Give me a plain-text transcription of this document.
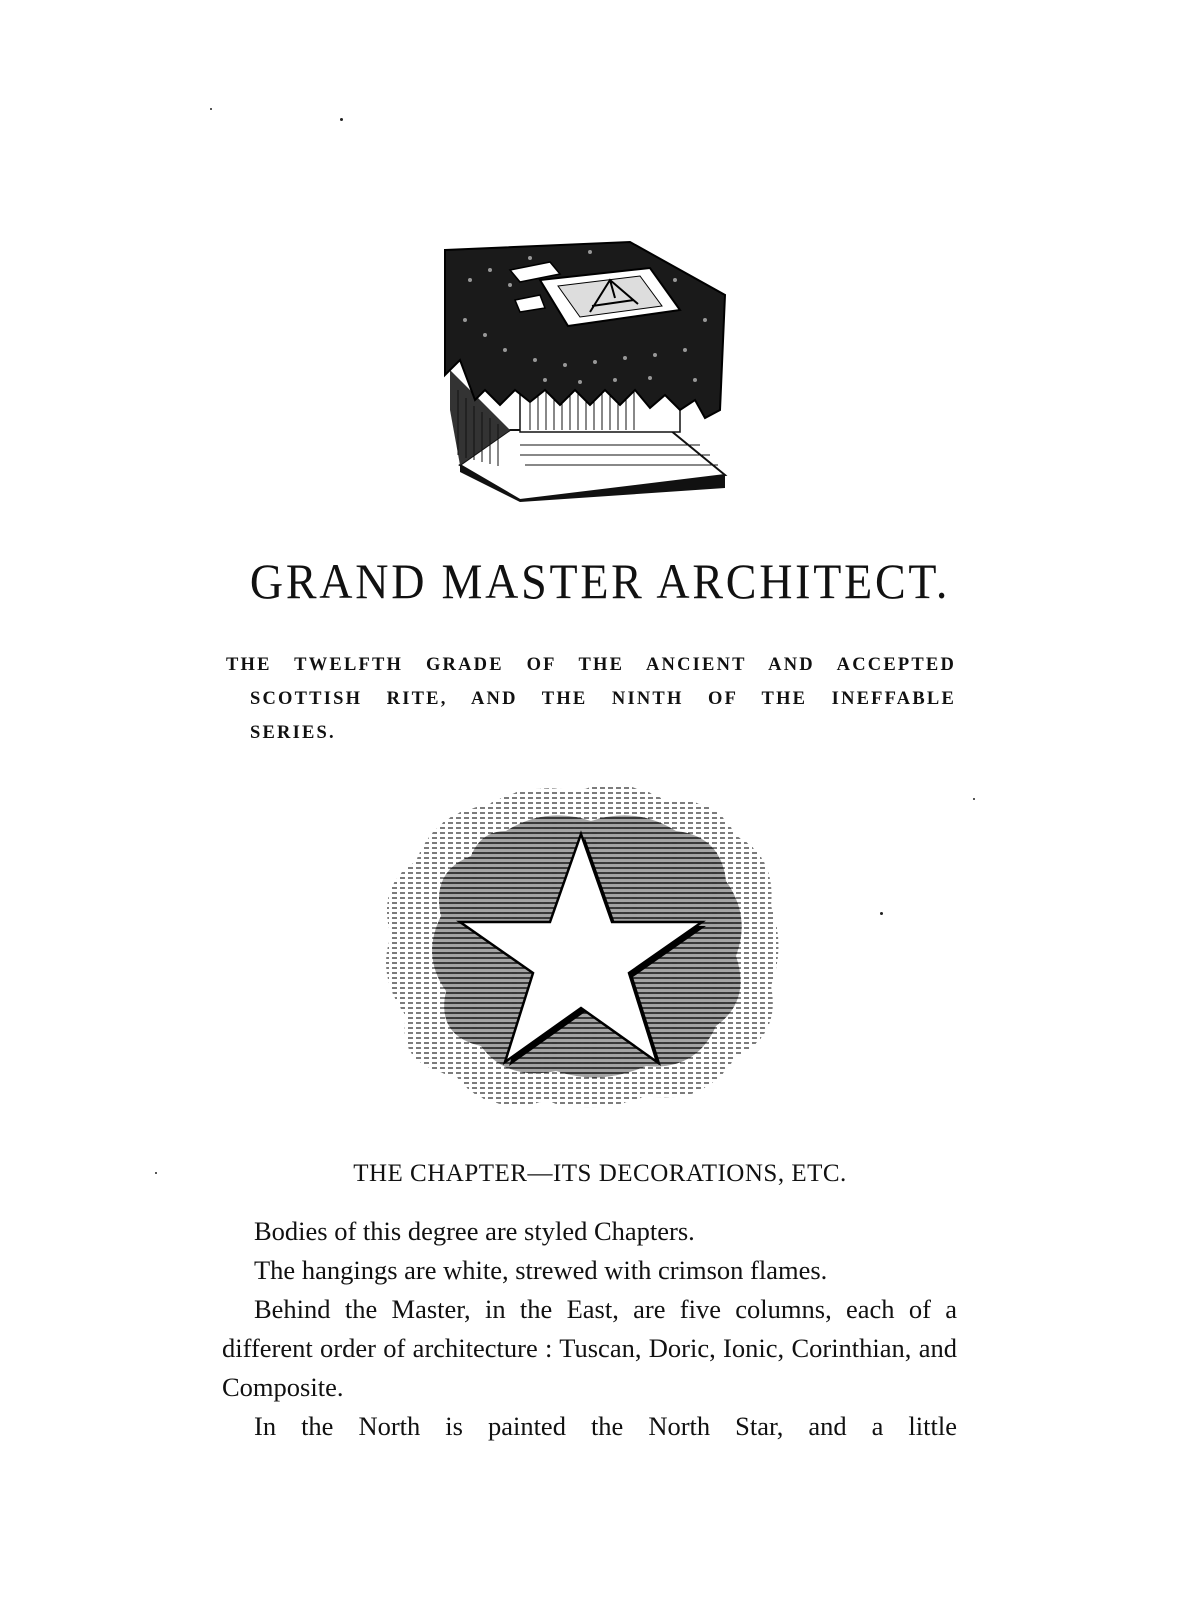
GRAND MASTER ARCHITECT.
THE TWELFTH GRADE OF THE ANCIENT AND ACCEPTED
SCOTTISH RITE, AND THE NINTH OF THE INEFFABLE
SERIES.
THE CHAPTER—ITS DECORATIONS, ETC.

Bodies of this degree are styled Chapters.

The hangings are white, strewed with crimson flames.

Behind the Master, in the East, are five columns, each of a different order of architecture : Tuscan, Doric, Ionic, Corinthian, and Composite.

In the North is painted the North Star, and a little
